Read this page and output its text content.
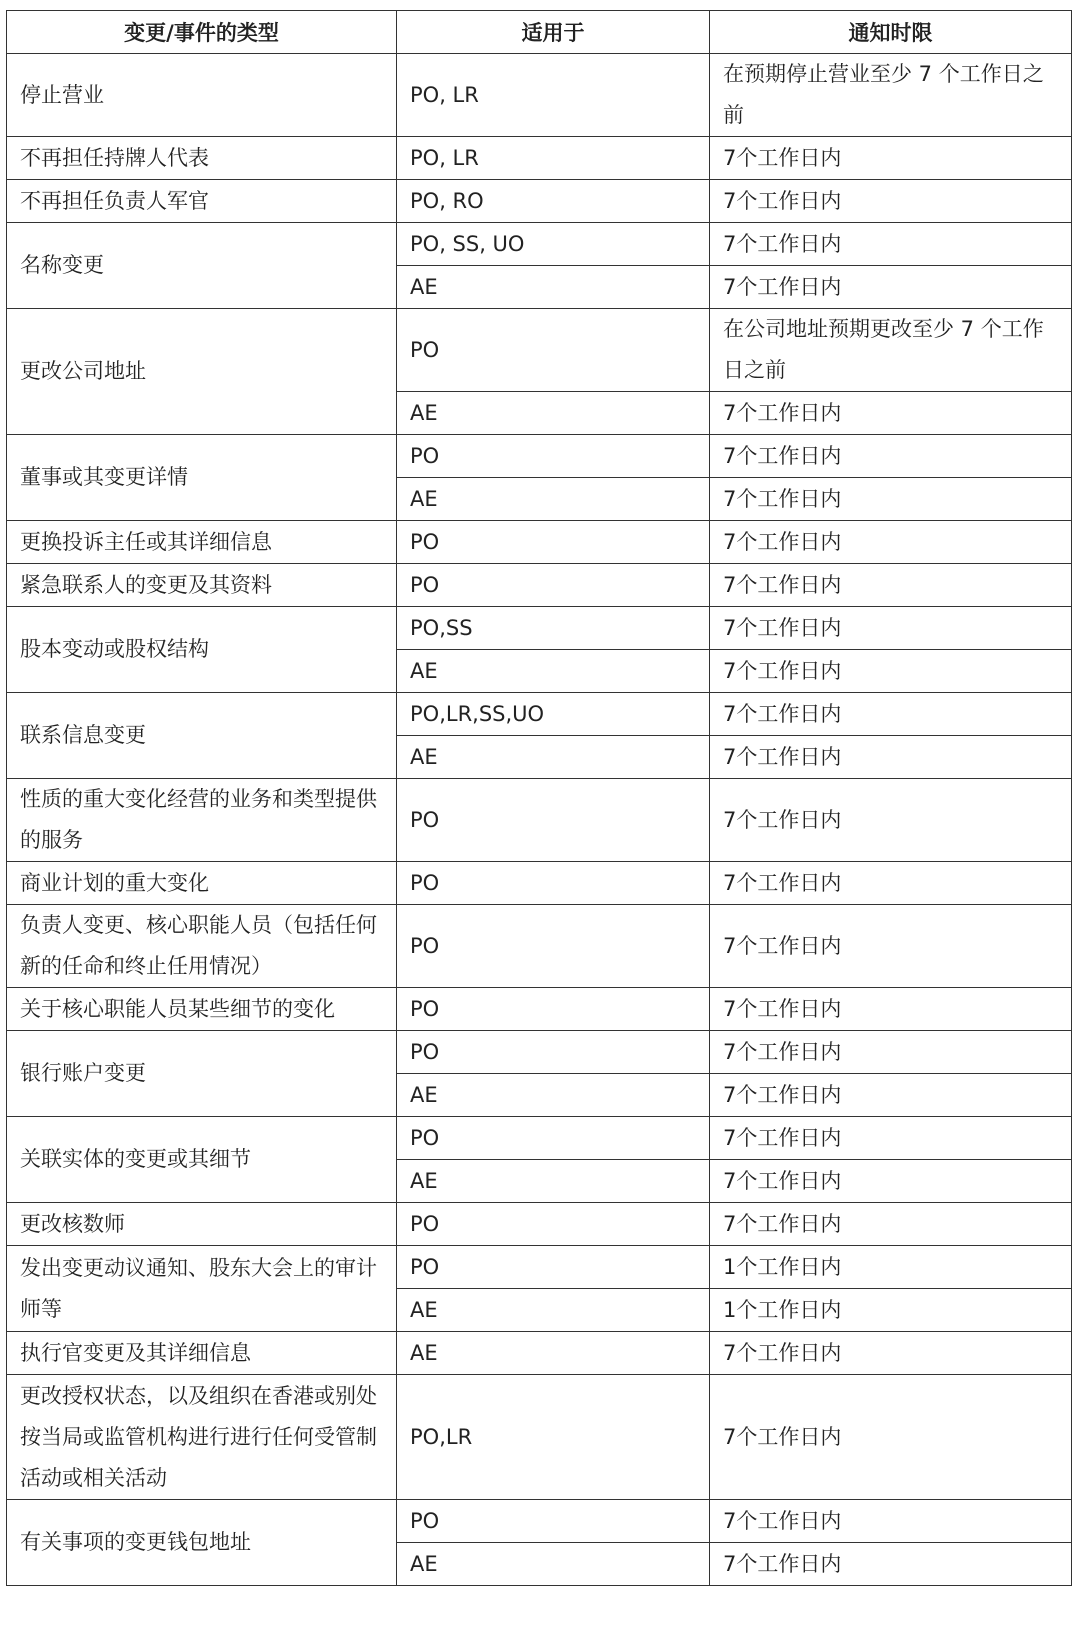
变更/事件的类型	适用于	通知时限
停止营业	PO, LR	在预期停止营业至少 7 个工作日之前
不再担任持牌人代表	PO, LR	7个工作日内
不再担任负责人军官	PO, RO	7个工作日内
名称变更	PO, SS, UO	7个工作日内
	AE	7个工作日内
更改公司地址	PO	在公司地址预期更改至少 7 个工作日之前
	AE	7个工作日内
董事或其变更详情	PO	7个工作日内
	AE	7个工作日内
更换投诉主任或其详细信息	PO	7个工作日内
紧急联系人的变更及其资料	PO	7个工作日内
股本变动或股权结构	PO,SS	7个工作日内
	AE	7个工作日内
联系信息变更	PO,LR,SS,UO	7个工作日内
	AE	7个工作日内
性质的重大变化经营的业务和类型提供的服务	PO	7个工作日内
商业计划的重大变化	PO	7个工作日内
负责人变更、核心职能人员（包括任何新的任命和终止任用情况）	PO	7个工作日内
关于核心职能人员某些细节的变化	PO	7个工作日内
银行账户变更	PO	7个工作日内
	AE	7个工作日内
关联实体的变更或其细节	PO	7个工作日内
	AE	7个工作日内
更改核数师	PO	7个工作日内
发出变更动议通知、股东大会上的审计师等	PO	1个工作日内
	AE	1个工作日内
执行官变更及其详细信息	AE	7个工作日内
更改授权状态，以及组织在香港或别处按当局或监管机构进行进行任何受管制活动或相关活动	PO,LR	7个工作日内
有关事项的变更钱包地址	PO	7个工作日内
	AE	7个工作日内
